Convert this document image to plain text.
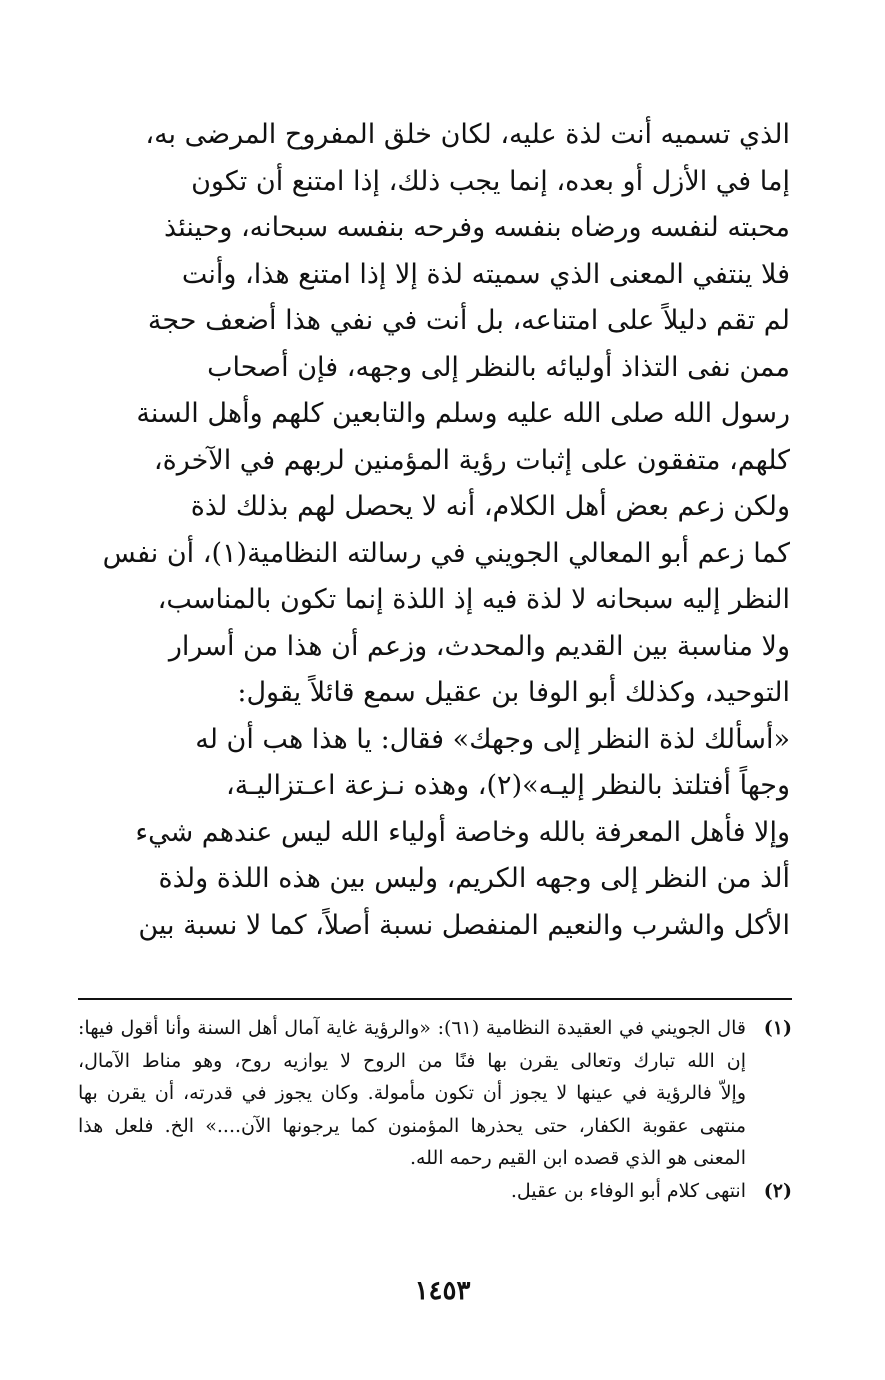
الذي تسميه أنت لذة عليه، لكان خلق المفروح المرضى به،
إما في الأزل أو بعده، إنما يجب ذلك، إذا امتنع أن تكون
محبته لنفسه ورضاه بنفسه وفرحه بنفسه سبحانه، وحينئذ
فلا ينتفي المعنى الذي سميته لذة إلا إذا امتنع هذا، وأنت
لم تقم دليلاً على امتناعه، بل أنت في نفي هذا أضعف حجة
ممن نفى التذاذ أوليائه بالنظر إلى وجهه، فإن أصحاب
رسول الله صلى الله عليه وسلم والتابعين كلهم وأهل السنة
كلهم، متفقون على إثبات رؤية المؤمنين لربهم في الآخرة،
ولكن زعم بعض أهل الكلام، أنه لا يحصل لهم بذلك لذة
كما زعم أبو المعالي الجويني في رسالته النظامية(١)، أن نفس
النظر إليه سبحانه لا لذة فيه إذ اللذة إنما تكون بالمناسب،
ولا مناسبة بين القديم والمحدث، وزعم أن هذا من أسرار
التوحيد، وكذلك أبو الوفا بن عقيل سمع قائلاً يقول:
«أسألك لذة النظر إلى وجهك» فقال: يا هذا هب أن له
وجهاً أفتلتذ بالنظر إليـه»(٢)، وهذه نـزعة اعـتزاليـة،
وإلا فأهل المعرفة بالله وخاصة أولياء الله ليس عندهم شيء
ألذ من النظر إلى وجهه الكريم، وليس بين هذه اللذة ولذة
الأكل والشرب والنعيم المنفصل نسبة أصلاً، كما لا نسبة بين
(١)
قال الجويني في العقيدة النظامية (٦١): «والرؤية غاية آمال أهل السنة وأنا أقول فيها:
إن الله تبارك وتعالى يقرن بها فنًا من الروح لا يوازيه روح، وهو مناط الآمال،
وإلاّ فالرؤية في عينها لا يجوز أن تكون مأمولة. وكان يجوز في قدرته، أن يقرن بها
منتهى عقوبة الكفار، حتى يحذرها المؤمنون كما يرجونها الآن....» الخ. فلعل هذا
المعنى هو الذي قصده ابن القيم رحمه الله.
(٢)
انتهى كلام أبو الوفاء بن عقيل.
١٤٥٣
